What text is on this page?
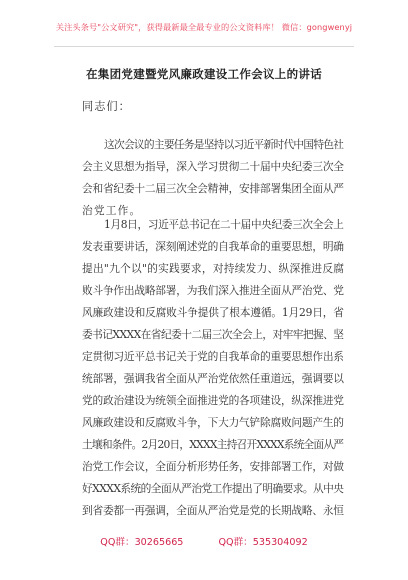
关注头条号"公文研究"，获得最新最全最专业的公文资料库！ 微信：gongwenyj
在集团党建暨党风廉政建设工作会议上的讲话
同志们：
这次会议的主要任务是坚持以习近平新时代中国特色社
会主义思想为指导，深入学习贯彻二十届中央纪委三次全
会和省纪委十二届三次全会精神，安排部署集团全面从严
治党工作。
1月8日，习近平总书记在二十届中央纪委三次全会上
发表重要讲话，深刻阐述党的自我革命的重要思想，明确
提出"九个以"的实践要求，对持续发力、纵深推进反腐
败斗争作出战略部署，为我们深入推进全面从严治党、党
风廉政建设和反腐败斗争提供了根本遵循。1月29日，省
委书记XXXX在省纪委十二届三次全会上，对牢牢把握、坚
定贯彻习近平总书记关于党的自我革命的重要思想作出系
统部署，强调我省全面从严治党依然任重道远，强调要以
党的政治建设为统领全面推进党的各项建设，纵深推进党
风廉政建设和反腐败斗争，下大力气铲除腐败问题产生的
土壤和条件。2月20日，XXXX主持召开XXXX系统全面从严
治党工作会议，全面分析形势任务，安排部署工作，对做
好XXXX系统的全面从严治党工作提出了明确要求。从中央
到省委都一再强调，全面从严治党是党的长期战略、永恒
QQ群：30265665	QQ群：535304092
